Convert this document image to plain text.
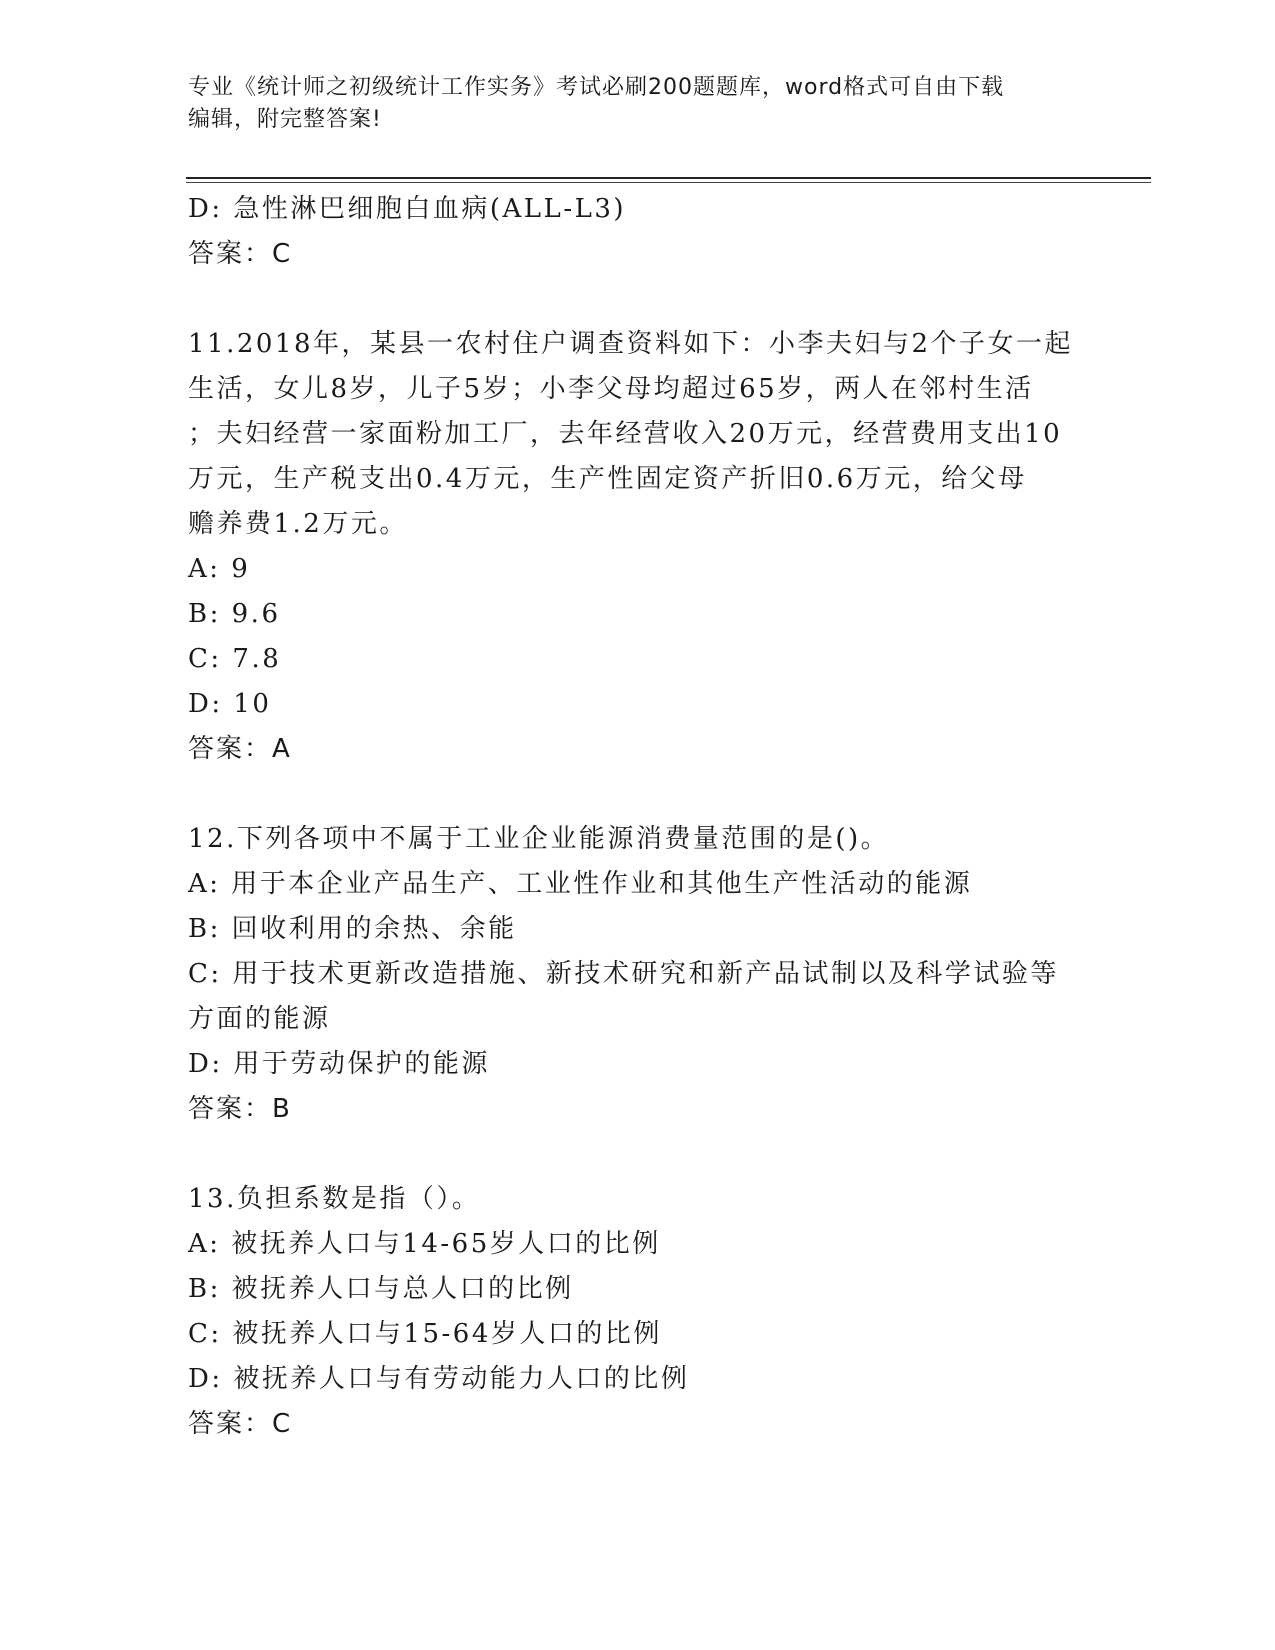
专业《统计师之初级统计工作实务》考试必刷200题题库，word格式可自由下载
编辑，附完整答案!

D: 急性淋巴细胞白血病(ALL-L3)

答案：C

11.2018年，某县一农村住户调查资料如下：小李夫妇与2个子女一起

生活，女儿8岁，儿子5岁；小李父母均超过65岁，两人在邻村生活

；夫妇经营一家面粉加工厂，去年经营收入20万元，经营费用支出10

万元，生产税支出0.4万元，生产性固定资产折旧0.6万元，给父母

赡养费1.2万元。

A: 9

B: 9.6

C: 7.8

D: 10

答案：A

12.下列各项中不属于工业企业能源消费量范围的是()。

A: 用于本企业产品生产、工业性作业和其他生产性活动的能源

B: 回收利用的余热、余能

C: 用于技术更新改造措施、新技术研究和新产品试制以及科学试验等

方面的能源

D: 用于劳动保护的能源

答案：B

13.负担系数是指（）。

A: 被抚养人口与14-65岁人口的比例

B: 被抚养人口与总人口的比例

C: 被抚养人口与15-64岁人口的比例

D: 被抚养人口与有劳动能力人口的比例

答案：C
